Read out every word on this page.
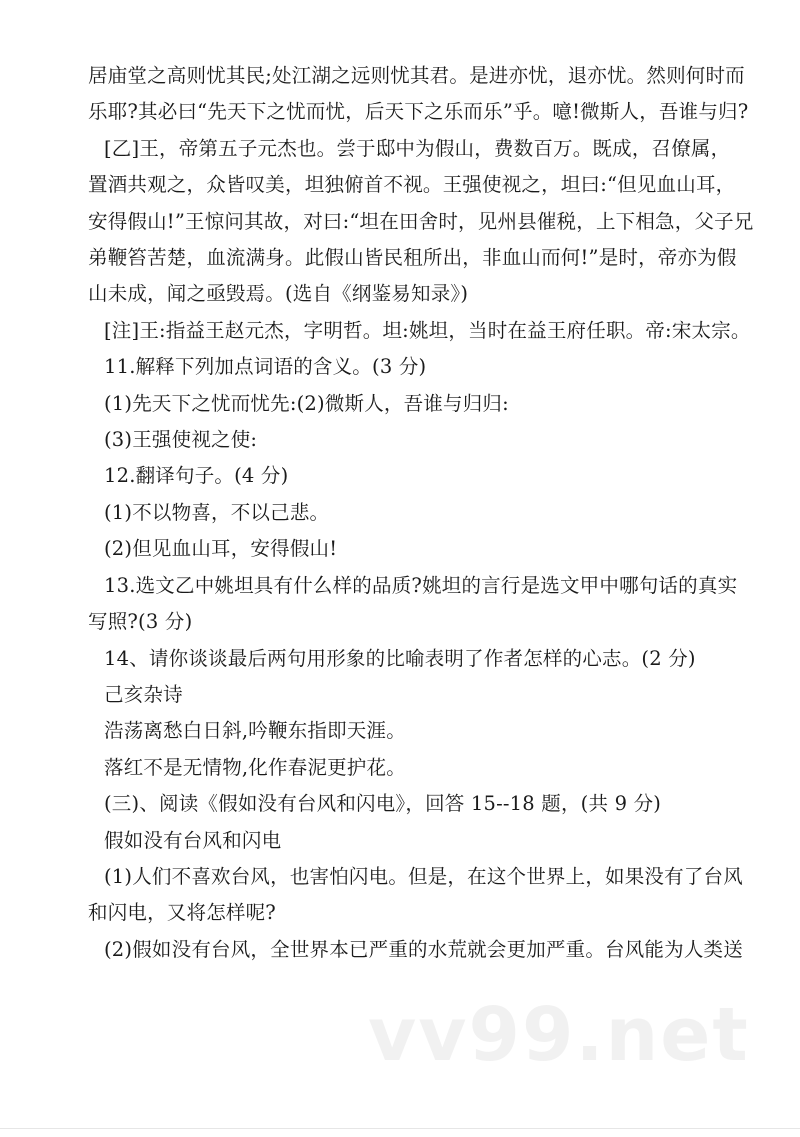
居庙堂之高则忧其民;处江湖之远则忧其君。是进亦忧，退亦忧。然则何时而
乐耶?其必曰“先天下之忧而忧，后天下之乐而乐”乎。噫!微斯人，吾谁与归?
[乙]王，帝第五子元杰也。尝于邸中为假山，费数百万。既成，召僚属，
置酒共观之，众皆叹美，坦独俯首不视。王强使视之，坦曰:“但见血山耳，
安得假山!”王惊问其故，对曰:“坦在田舍时，见州县催税，上下相急，父子兄
弟鞭笞苦楚，血流满身。此假山皆民租所出，非血山而何!”是时，帝亦为假
山未成，闻之亟毁焉。(选自《纲鉴易知录》)
[注]王:指益王赵元杰，字明哲。坦:姚坦，当时在益王府任职。帝:宋太宗。
11.解释下列加点词语的含义。(3 分)
(1)先天下之忧而忧先:(2)微斯人，吾谁与归归:
(3)王强使视之使:
12.翻译句子。(4 分)
(1)不以物喜，不以己悲。
(2)但见血山耳，安得假山!
13.选文乙中姚坦具有什么样的品质?姚坦的言行是选文甲中哪句话的真实
写照?(3 分)
14、请你谈谈最后两句用形象的比喻表明了作者怎样的心志。(2 分)
己亥杂诗
浩荡离愁白日斜,吟鞭东指即天涯。
落红不是无情物,化作春泥更护花。
(三)、阅读《假如没有台风和闪电》，回答 15--18 题，(共 9 分)
假如没有台风和闪电
(1)人们不喜欢台风，也害怕闪电。但是，在这个世界上，如果没有了台风
和闪电，又将怎样呢?
(2)假如没有台风，全世界本已严重的水荒就会更加严重。台风能为人类送
vv99.net
